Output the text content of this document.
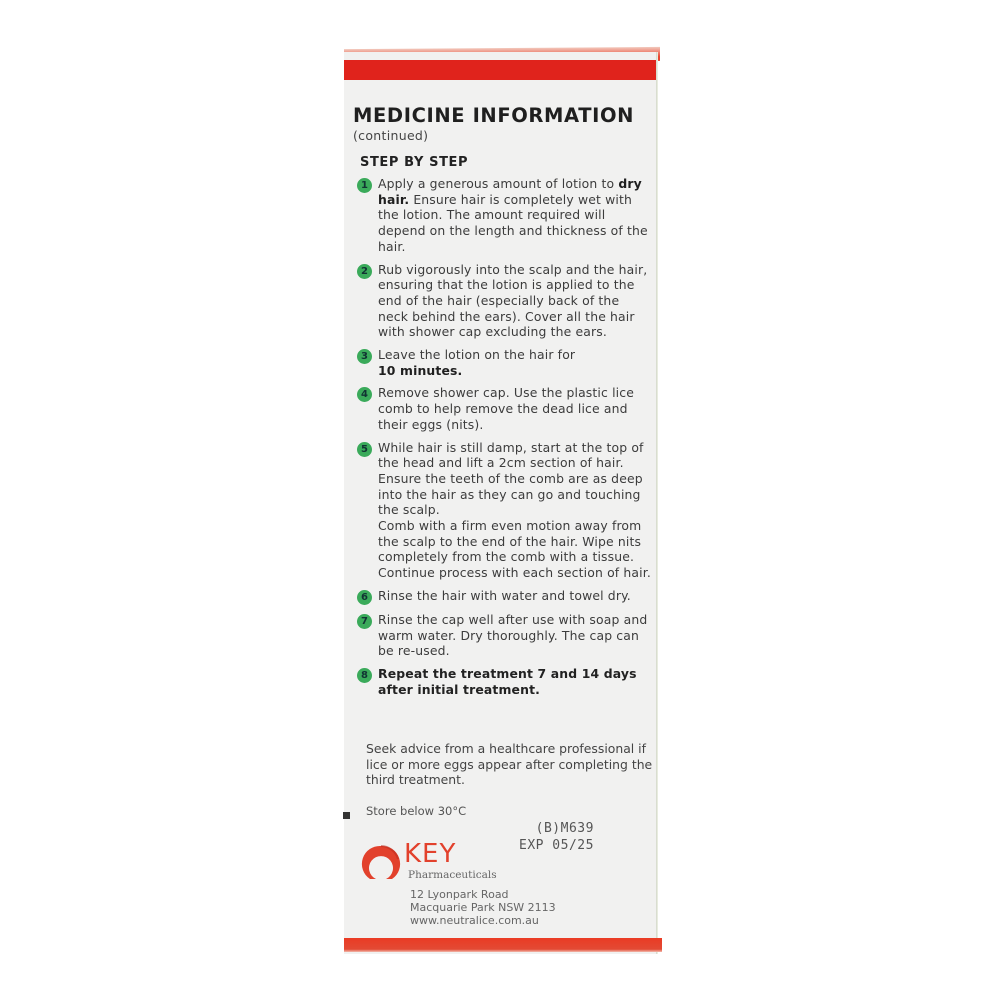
MEDICINE INFORMATION
(continued)
STEP BY STEP
1 Apply a generous amount of lotion to dry hair. Ensure hair is completely wet with the lotion. The amount required will depend on the length and thickness of the hair.
2 Rub vigorously into the scalp and the hair, ensuring that the lotion is applied to the end of the hair (especially back of the neck behind the ears). Cover all the hair with shower cap excluding the ears.
3 Leave the lotion on the hair for
10 minutes.
4 Remove shower cap. Use the plastic lice comb to help remove the dead lice and their eggs (nits).
5 While hair is still damp, start at the top of the head and lift a 2cm section of hair. Ensure the teeth of the comb are as deep into the hair as they can go and touching the scalp.
Comb with a firm even motion away from the scalp to the end of the hair. Wipe nits completely from the comb with a tissue. Continue process with each section of hair.
6 Rinse the hair with water and towel dry.
7 Rinse the cap well after use with soap and warm water. Dry thoroughly. The cap can be re-used.
8 Repeat the treatment 7 and 14 days after initial treatment.
Seek advice from a healthcare professional if lice or more eggs appear after completing the third treatment.
Store below 30°C
(B)M639
EXP 05/25
KEY
Pharmaceuticals
12 Lyonpark Road
Macquarie Park NSW 2113
www.neutralice.com.au
